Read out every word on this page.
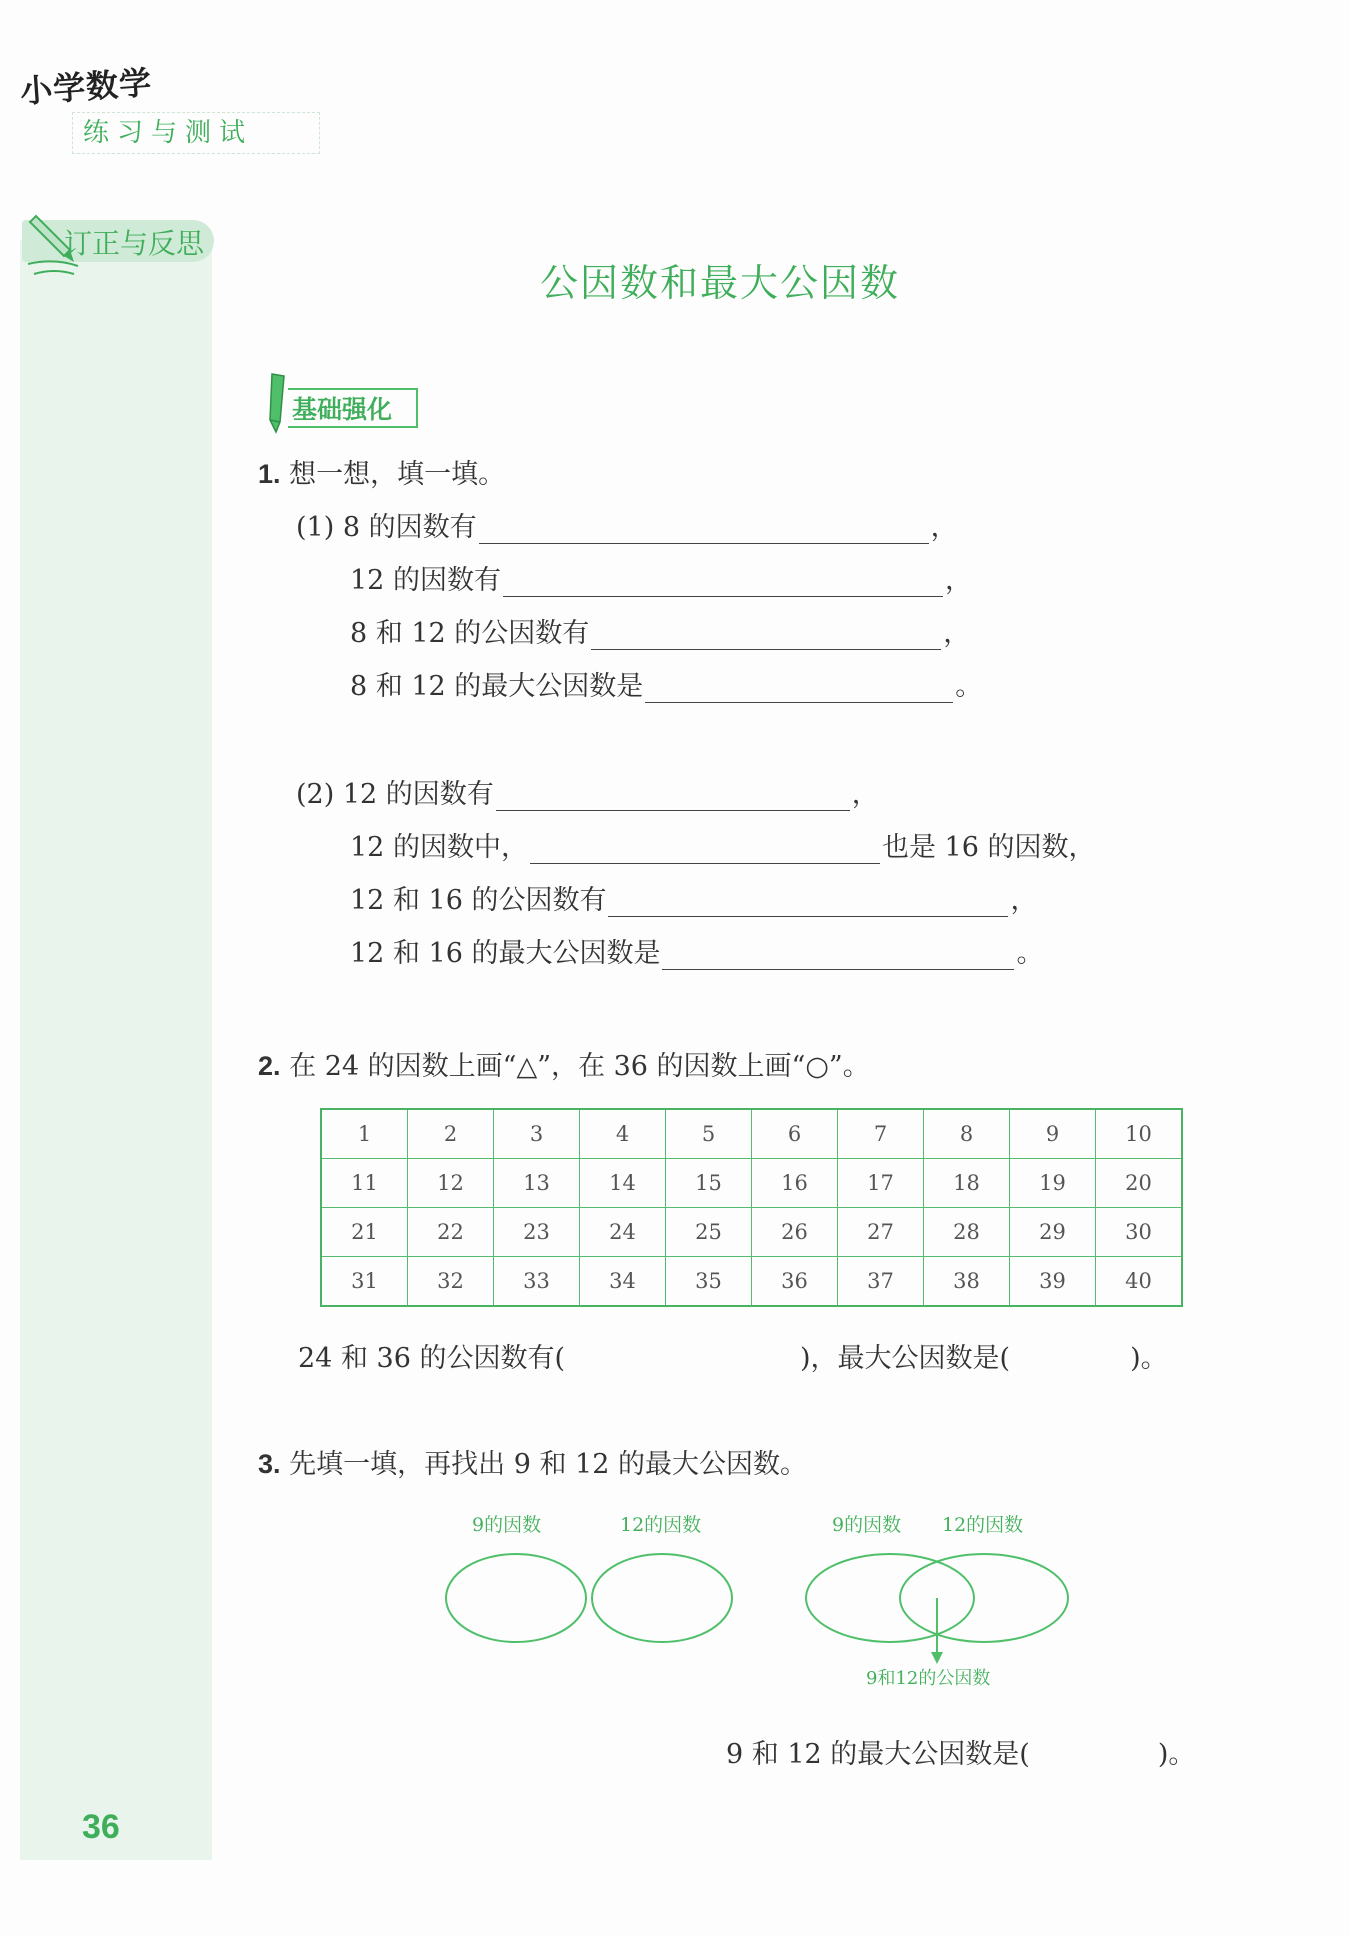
小学数学
练习与测试
订正与反思
公因数和最大公因数
基础强化
1. 想一想，填一填。
(1) 8 的因数有	，
12 的因数有	，
8 和 12 的公因数有	，
8 和 12 的最大公因数是	。
(2) 12 的因数有	，
12 的因数中，	也是 16 的因数，
12 和 16 的公因数有	，
12 和 16 的最大公因数是	。
2. 在 24 的因数上画“△”，在 36 的因数上画“○”。
1	2	3	4	5	6	7	8	9	10
11	12	13	14	15	16	17	18	19	20
21	22	23	24	25	26	27	28	29	30
31	32	33	34	35	36	37	38	39	40
24 和 36 的公因数有(	)，最大公因数是(	)。
3. 先填一填，再找出 9 和 12 的最大公因数。
9的因数	12的因数	9的因数 12的因数
9和12的公因数
9 和 12 的最大公因数是(	)。
36
